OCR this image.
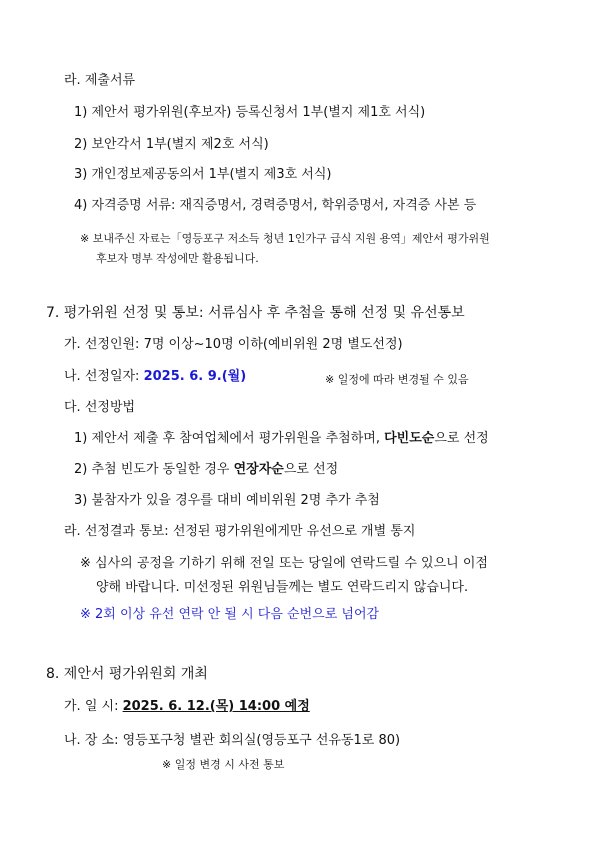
라. 제출서류
1) 제안서 평가위원(후보자) 등록신청서 1부(별지 제1호 서식)
2) 보안각서 1부(별지 제2호 서식)
3) 개인정보제공동의서 1부(별지 제3호 서식)
4) 자격증명 서류: 재직증명서, 경력증명서, 학위증명서, 자격증 사본 등
※ 보내주신 자료는「영등포구 저소득 청년 1인가구 급식 지원 용역」제안서 평가위원
후보자 명부 작성에만 활용됩니다.
7. 평가위원 선정 및 통보: 서류심사 후 추첨을 통해 선정 및 유선통보
가. 선정인원: 7명 이상~10명 이하(예비위원 2명 별도선정)
나. 선정일자: 2025. 6. 9.(월)	※ 일정에 따라 변경될 수 있음
다. 선정방법
1) 제안서 제출 후 참여업체에서 평가위원을 추첨하며, 다빈도순으로 선정
2) 추첨 빈도가 동일한 경우 연장자순으로 선정
3) 불참자가 있을 경우를 대비 예비위원 2명 추가 추첨
라. 선정결과 통보: 선정된 평가위원에게만 유선으로 개별 통지
※ 심사의 공정을 기하기 위해 전일 또는 당일에 연락드릴 수 있으니 이점
양해 바랍니다. 미선정된 위원님들께는 별도 연락드리지 않습니다.
※ 2회 이상 유선 연락 안 될 시 다음 순번으로 넘어감
8. 제안서 평가위원회 개최
가. 일 시: 2025. 6. 12.(목) 14:00 예정
나. 장 소: 영등포구청 별관 회의실(영등포구 선유동1로 80)
※ 일정 변경 시 사전 통보
